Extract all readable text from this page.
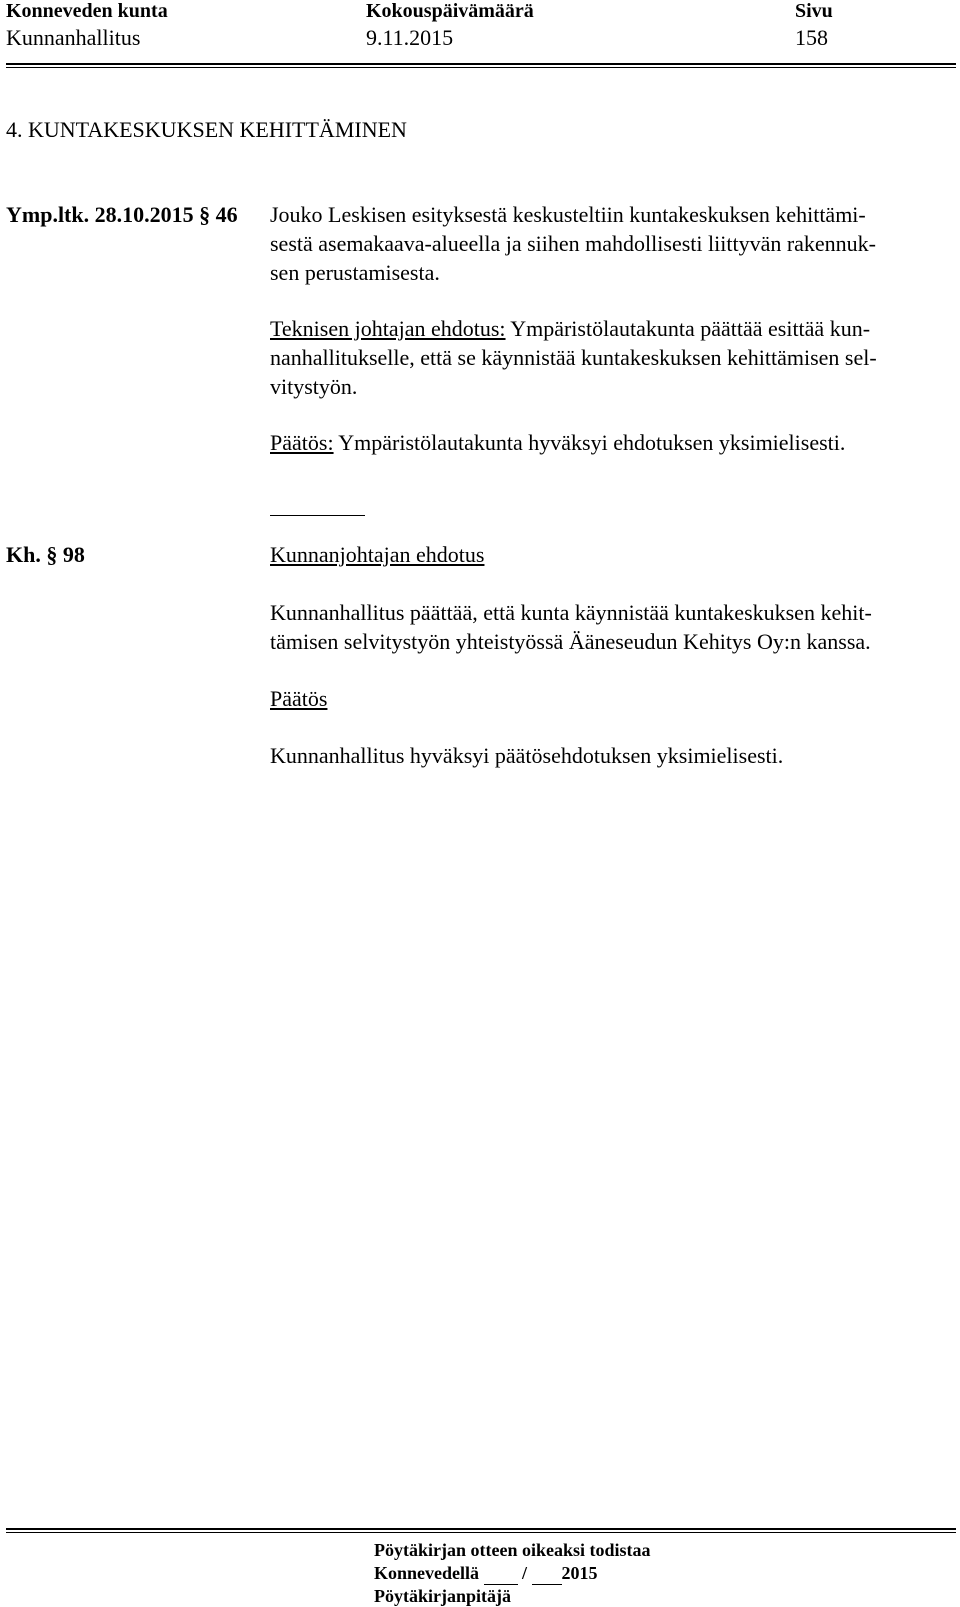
Konneveden kunta
Kunnanhallitus
Kokouspäivämäärä
9.11.2015
Sivu
158
4. KUNTAKESKUKSEN KEHITTÄMINEN
Ymp.ltk. 28.10.2015 § 46 Jouko Leskisen esityksestä keskusteltiin kuntakeskuksen kehittämi-
sestä asemakaava-alueella ja siihen mahdollisesti liittyvän rakennuk-
sen perustamisesta.
Teknisen johtajan ehdotus: Ympäristölautakunta päättää esittää kun-
nanhallitukselle, että se käynnistää kuntakeskuksen kehittämisen sel-
vitystyön.
Päätös: Ympäristölautakunta hyväksyi ehdotuksen yksimielisesti.
Kh. § 98	Kunnanjohtajan ehdotus
Kunnanhallitus päättää, että kunta käynnistää kuntakeskuksen kehit-
tämisen selvitystyön yhteistyössä Ääneseudun Kehitys Oy:n kanssa.
Päätös
Kunnanhallitus hyväksyi päätösehdotuksen yksimielisesti.
Pöytäkirjan otteen oikeaksi todistaa
Konnevedellä / 2015
Pöytäkirjanpitäjä
